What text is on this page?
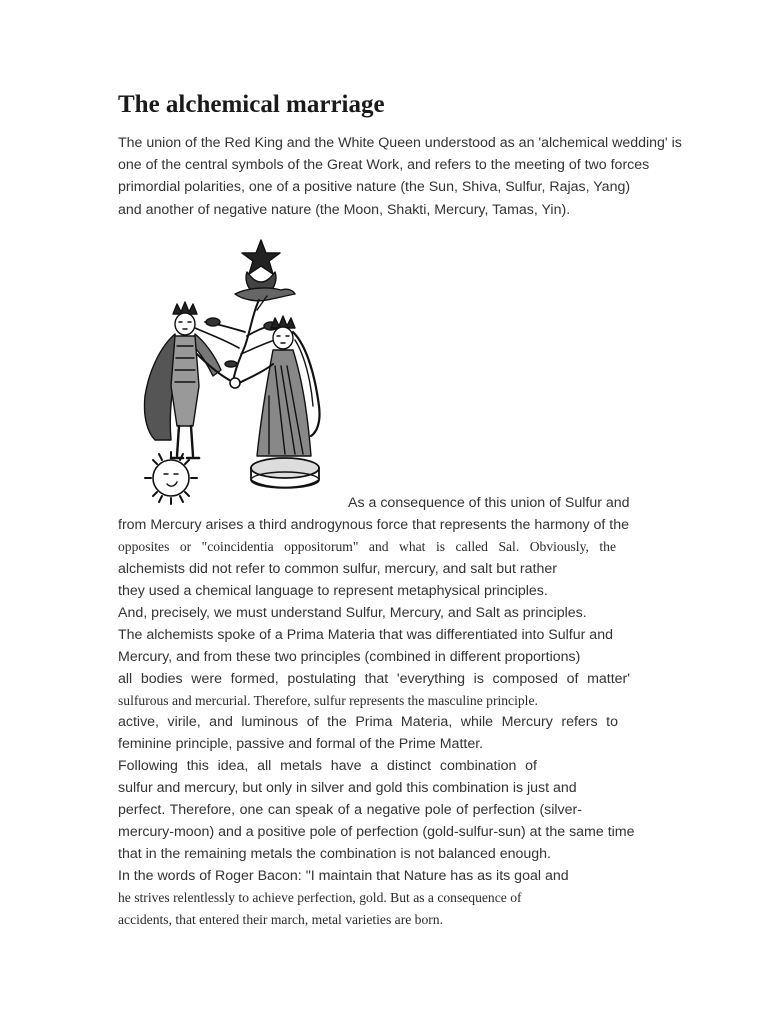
The alchemical marriage

The union of the Red King and the White Queen understood as an 'alchemical wedding' is

one of the central symbols of the Great Work, and refers to the meeting of two forces

primordial polarities, one of a positive nature (the Sun, Shiva, Sulfur, Rajas, Yang)

and another of negative nature (the Moon, Shakti, Mercury, Tamas, Yin).

As a consequence of this union of Sulfur and

from Mercury arises a third androgynous force that represents the harmony of the

opposites or "coincidentia oppositorum" and what is called Sal. Obviously, the

alchemists did not refer to common sulfur, mercury, and salt but rather

they used a chemical language to represent metaphysical principles.

And, precisely, we must understand Sulfur, Mercury, and Salt as principles.

The alchemists spoke of a Prima Materia that was differentiated into Sulfur and

Mercury, and from these two principles (combined in different proportions)

all bodies were formed, postulating that 'everything is composed of matter'

sulfurous and mercurial. Therefore, sulfur represents the masculine principle.

active, virile, and luminous of the Prima Materia, while Mercury refers to

feminine principle, passive and formal of the Prime Matter.

Following this idea, all metals have a distinct combination of

sulfur and mercury, but only in silver and gold this combination is just and

perfect. Therefore, one can speak of a negative pole of perfection (silver-

mercury-moon) and a positive pole of perfection (gold-sulfur-sun) at the same time

that in the remaining metals the combination is not balanced enough.

In the words of Roger Bacon: "I maintain that Nature has as its goal and

he strives relentlessly to achieve perfection, gold. But as a consequence of

accidents, that entered their march, metal varieties are born.
